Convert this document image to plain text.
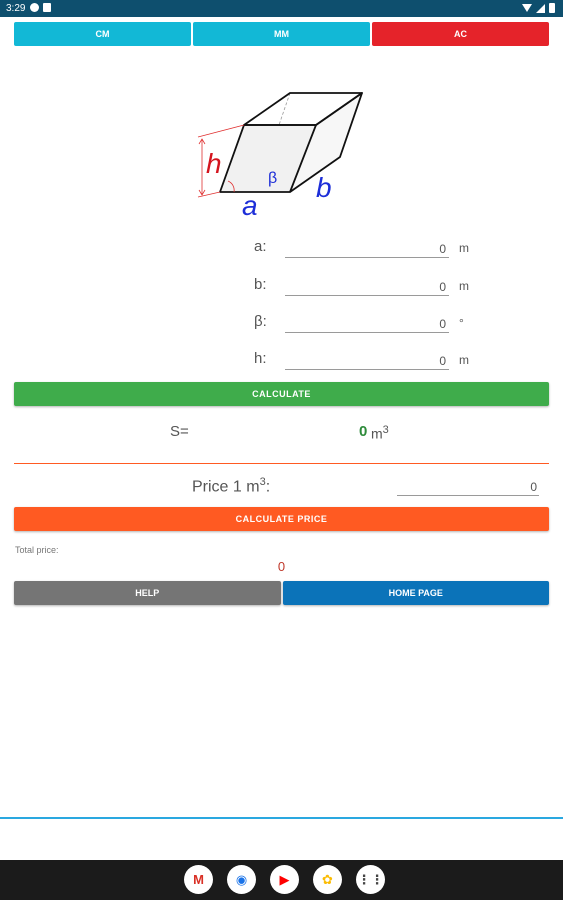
3:29
CM	MM	AC
h	β
a
b
a:	0 m
b:	0 m
β:	0 °
h:	0 m
CALCULATE
S=	0 $m^3$
Price 1 $m^3$:	0
CALCULATE PRICE
Total price:
0
HELP	HOME PAGE
M	◉	▶	✿	⋮⋮
